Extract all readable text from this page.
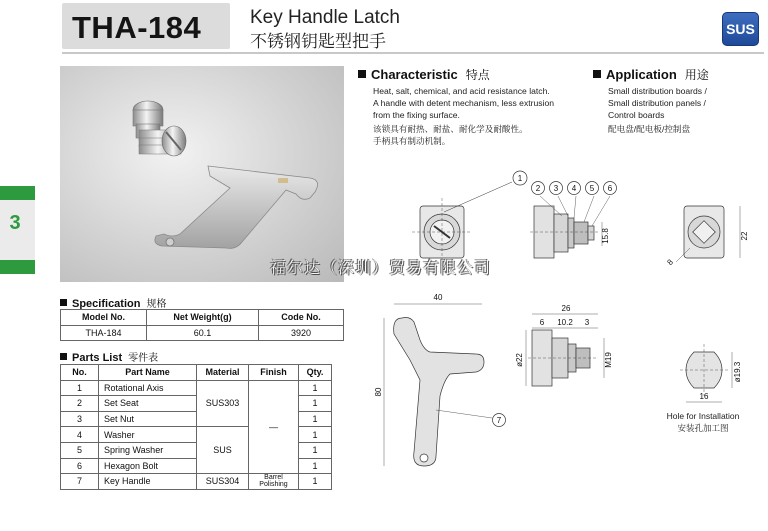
THA-184	Key Handle Latch
不锈钢钥匙型把手
SUS
3
Characteristic 特点
Heat, salt, chemical, and acid resistance latch.
A handle with detent mechanism, less extrusion
from the fixing surface.
该锁具有耐热、耐盐、耐化学及耐酸性。
手柄具有制动机制。
Application 用途
Small distribution boards /
Small distribution panels /
Control boards
配电盘/配电板/控制盘
1
2 3 4 5 6
7
15.8	22
8
40
26
6 10.2 3
ø22	M19
80
ø19.3
16
Hole for Installation
安装孔加工图
福尔达（深圳）贸易有限公司
Specification 规格
Model No.	Net Weight(g)	Code No.
THA-184	60.1	3920
Parts List 零件表
No.	Part Name	Material	Finish	Qty.
1	Rotational Axis	SUS303	—	1
2	Set Seat			1
3	Set Nut			1
4	Washer	SUS		1
5	Spring Washer			1
6	Hexagon Bolt			1
7	Key Handle	SUS304	Barrel Polishing	1
